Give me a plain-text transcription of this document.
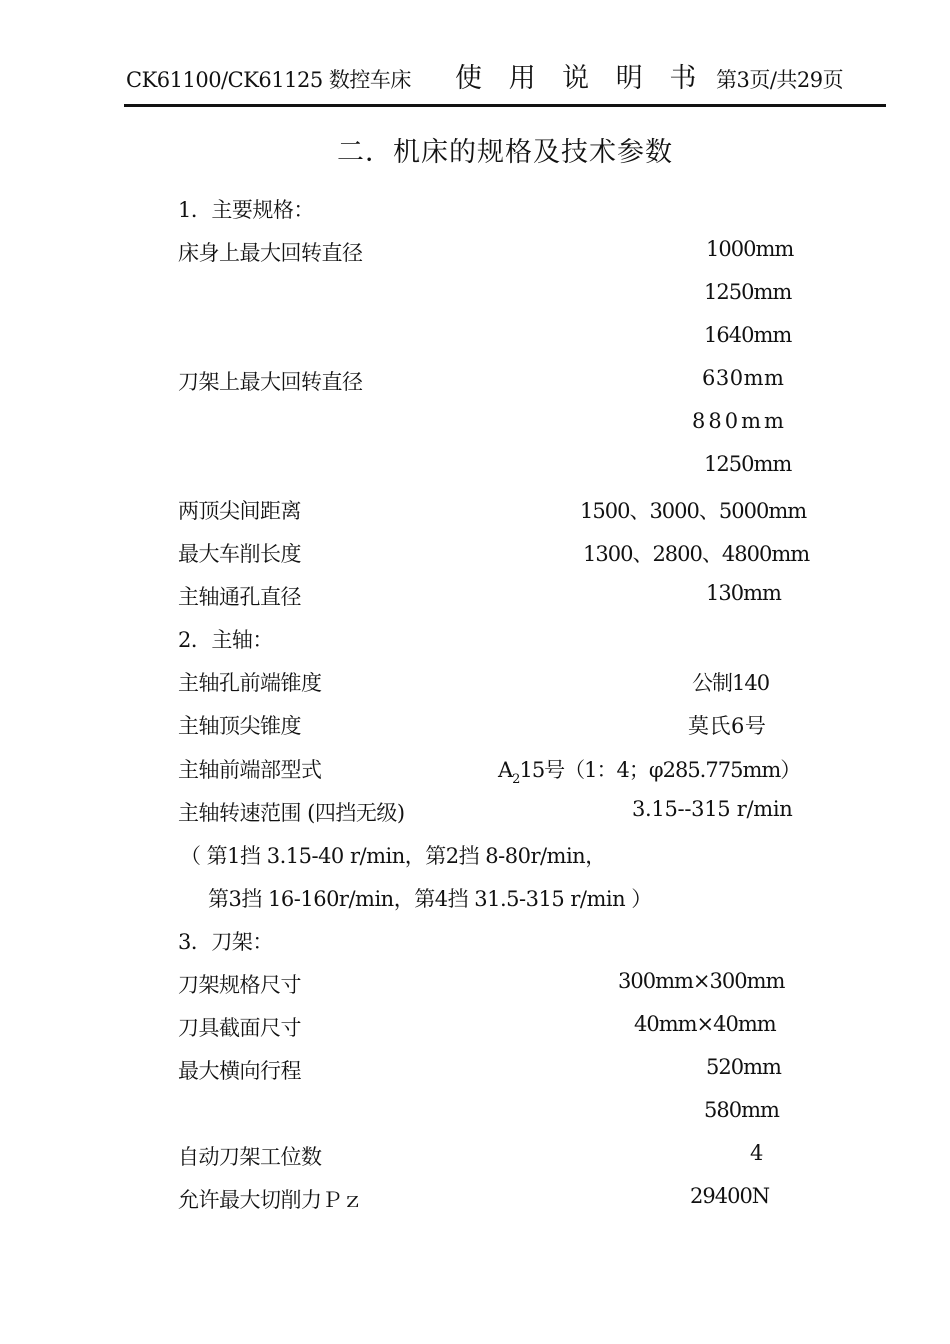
CK61100/CK61125 数控车床 使 用 说 明 书 第3页/共29页
二．机床的规格及技术参数
1．主要规格：
床身上最大回转直径	1000mm
1250mm
1640mm
刀架上最大回转直径	630mm
880mm
1250mm
两顶尖间距离	1500、3000、5000mm
最大车削长度	1300、2800、4800mm
主轴通孔直径	130mm
2．主轴：
主轴孔前端锥度	公制140
主轴顶尖锥度	莫氏6号
主轴前端部型式	$A_215$号（1：4；φ285.775mm）
主轴转速范围 (四挡无级)	3.15--315 r/min
（ 第1挡 3.15-40 r/min，第2挡 8-80r/min，
第3挡 16-160r/min，第4挡 31.5-315 r/min ）
3．刀架：
刀架规格尺寸	300mm×300mm
刀具截面尺寸	40mm×40mm
最大横向行程	520mm
580mm
自动刀架工位数	4
允许最大切削力Ｐｚ	29400N
